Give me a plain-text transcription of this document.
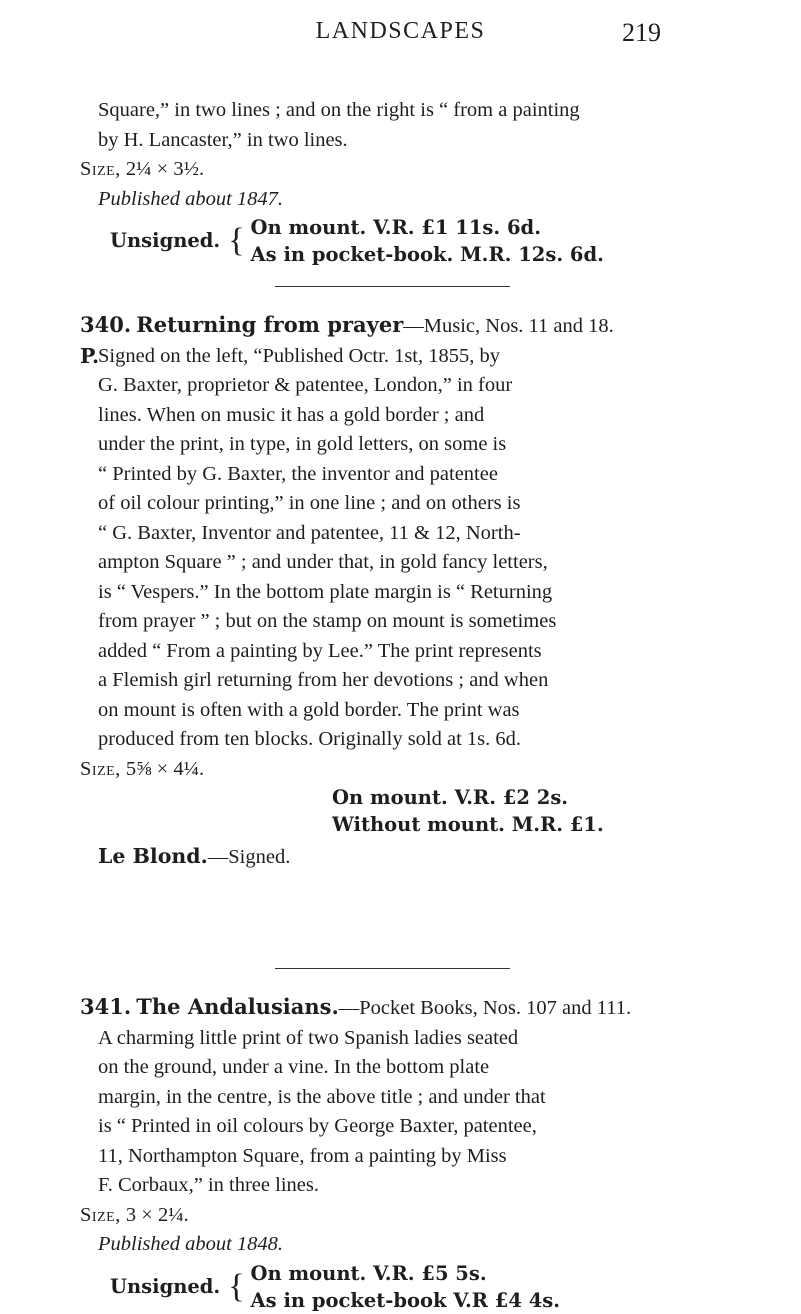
LANDSCAPES	219

Square,” in two lines ; and on the right is “ from a painting

by H. Lancaster,” in two lines.

Size, 2¼ × 3½.

Published about 1847.

Unsigned. { On mount. V.R. £1 11s. 6d.
As in pocket-book. M.R. 12s. 6d.

340. Returning from prayer—Music, Nos. 11 and 18.

P.

Signed on the left, “Published Octr. 1st, 1855, by

G. Baxter, proprietor & patentee, London,” in four

lines. When on music it has a gold border ; and

under the print, in type, in gold letters, on some is

“ Printed by G. Baxter, the inventor and patentee

of oil colour printing,” in one line ; and on others is

“ G. Baxter, Inventor and patentee, 11 & 12, North-

ampton Square ” ; and under that, in gold fancy letters,

is “ Vespers.” In the bottom plate margin is “ Returning

from prayer ” ; but on the stamp on mount is sometimes

added “ From a painting by Lee.” The print represents

a Flemish girl returning from her devotions ; and when

on mount is often with a gold border. The print was

produced from ten blocks. Originally sold at 1s. 6d.

Size, 5⅝ × 4¼.

On mount. V.R. £2 2s.
Without mount. M.R. £1.

Le Blond.—Signed.

341. The Andalusians.—Pocket Books, Nos. 107 and 111.

A charming little print of two Spanish ladies seated

on the ground, under a vine. In the bottom plate

margin, in the centre, is the above title ; and under that

is “ Printed in oil colours by George Baxter, patentee,

11, Northampton Square, from a painting by Miss

F. Corbaux,” in three lines.

Size, 3 × 2¼.

Published about 1848.

Unsigned. { On mount. V.R. £5 5s.
As in pocket-book V.R £4 4s.
